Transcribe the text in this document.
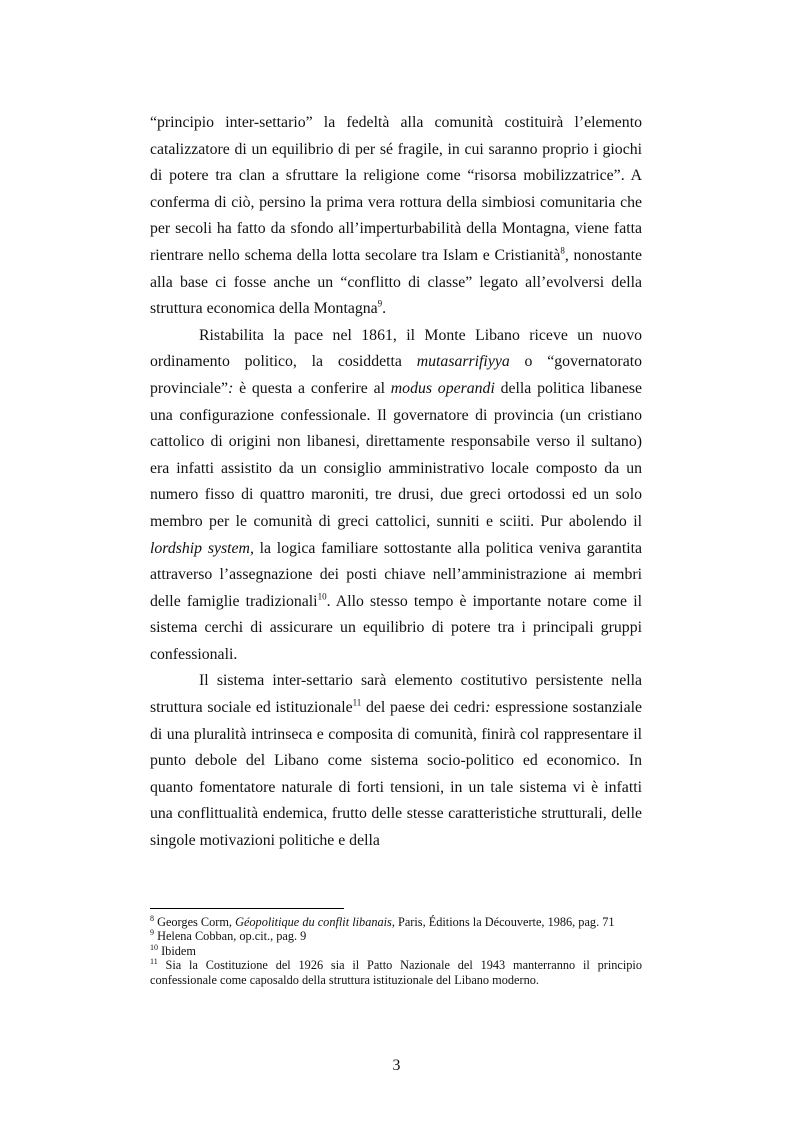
“principio inter-settario” la fedeltà alla comunità costituirà l’elemento catalizzatore di un equilibrio di per sé fragile, in cui saranno proprio i giochi di potere tra clan a sfruttare la religione come “risorsa mobilizzatrice”. A conferma di ciò, persino la prima vera rottura della simbiosi comunitaria che per secoli ha fatto da sfondo all’imperturbabilità della Montagna, viene fatta rientrare nello schema della lotta secolare tra Islam e Cristianità$^8$, nonostante alla base ci fosse anche un “conflitto di classe” legato all’evolversi della struttura economica della Montagna$^9$.

Ristabilita la pace nel 1861, il Monte Libano riceve un nuovo ordinamento politico, la cosiddetta mutasarrifiyya o “governatorato provinciale”: è questa a conferire al modus operandi della politica libanese una configurazione confessionale. Il governatore di provincia (un cristiano cattolico di origini non libanesi, direttamente responsabile verso il sultano) era infatti assistito da un consiglio amministrativo locale composto da un numero fisso di quattro maroniti, tre drusi, due greci ortodossi ed un solo membro per le comunità di greci cattolici, sunniti e sciiti. Pur abolendo il lordship system, la logica familiare sottostante alla politica veniva garantita attraverso l’assegnazione dei posti chiave nell’amministrazione ai membri delle famiglie tradizionali$^{10}$. Allo stesso tempo è importante notare come il sistema cerchi di assicurare un equilibrio di potere tra i principali gruppi confessionali.

Il sistema inter-settario sarà elemento costitutivo persistente nella struttura sociale ed istituzionale$^{11}$ del paese dei cedri: espressione sostanziale di una pluralità intrinseca e composita di comunità, finirà col rappresentare il punto debole del Libano come sistema socio-politico ed economico. In quanto fomentatore naturale di forti tensioni, in un tale sistema vi è infatti una conflittualità endemica, frutto delle stesse caratteristiche strutturali, delle singole motivazioni politiche e della

$^8$ Georges Corm, Géopolitique du conflit libanais, Paris, Éditions la Découverte, 1986, pag. 71

$^9$ Helena Cobban, op.cit., pag. 9

$^{10}$ Ibidem

$^{11}$ Sia la Costituzione del 1926 sia il Patto Nazionale del 1943 manterranno il principio confessionale come caposaldo della struttura istituzionale del Libano moderno.

3
